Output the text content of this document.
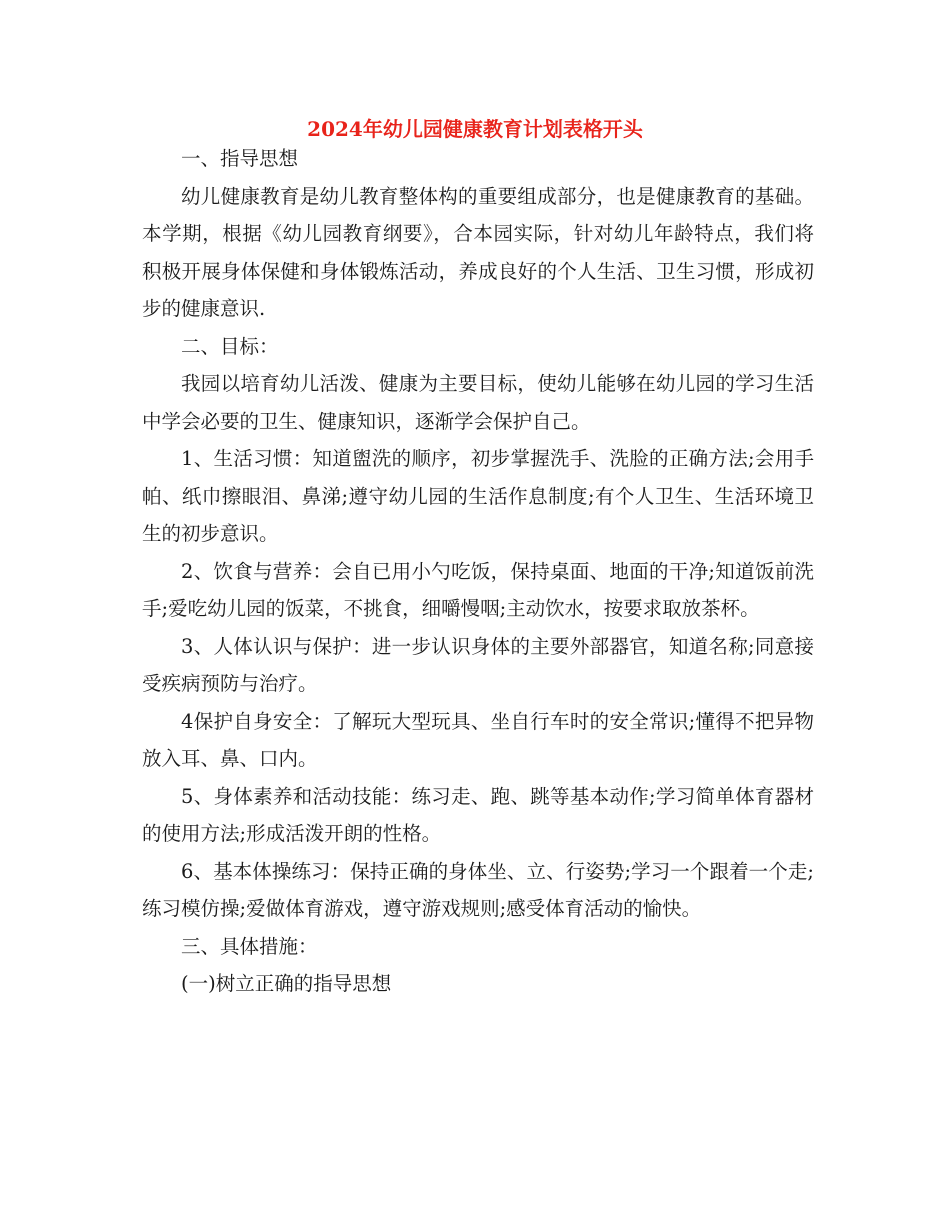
2024年幼儿园健康教育计划表格开头

一、指导思想

幼儿健康教育是幼儿教育整体构的重要组成部分，也是健康教育的基础。本学期，根据《幼儿园教育纲要》，合本园实际，针对幼儿年龄特点，我们将积极开展身体保健和身体锻炼活动，养成良好的个人生活、卫生习惯，形成初步的健康意识.

二、目标：

我园以培育幼儿活泼、健康为主要目标，使幼儿能够在幼儿园的学习生活中学会必要的卫生、健康知识，逐渐学会保护自己。

1、生活习惯：知道盥洗的顺序，初步掌握洗手、洗脸的正确方法;会用手帕、纸巾擦眼泪、鼻涕;遵守幼儿园的生活作息制度;有个人卫生、生活环境卫生的初步意识。

2、饮食与营养：会自已用小勺吃饭，保持桌面、地面的干净;知道饭前洗手;爱吃幼儿园的饭菜，不挑食，细嚼慢咽;主动饮水，按要求取放茶杯。

3、人体认识与保护：进一步认识身体的主要外部器官，知道名称;同意接受疾病预防与治疗。

4保护自身安全：了解玩大型玩具、坐自行车时的安全常识;懂得不把异物放入耳、鼻、口内。

5、身体素养和活动技能：练习走、跑、跳等基本动作;学习简单体育器材的使用方法;形成活泼开朗的性格。

6、基本体操练习：保持正确的身体坐、立、行姿势;学习一个跟着一个走;练习模仿操;爱做体育游戏，遵守游戏规则;感受体育活动的愉快。

三、具体措施：

(一)树立正确的指导思想
